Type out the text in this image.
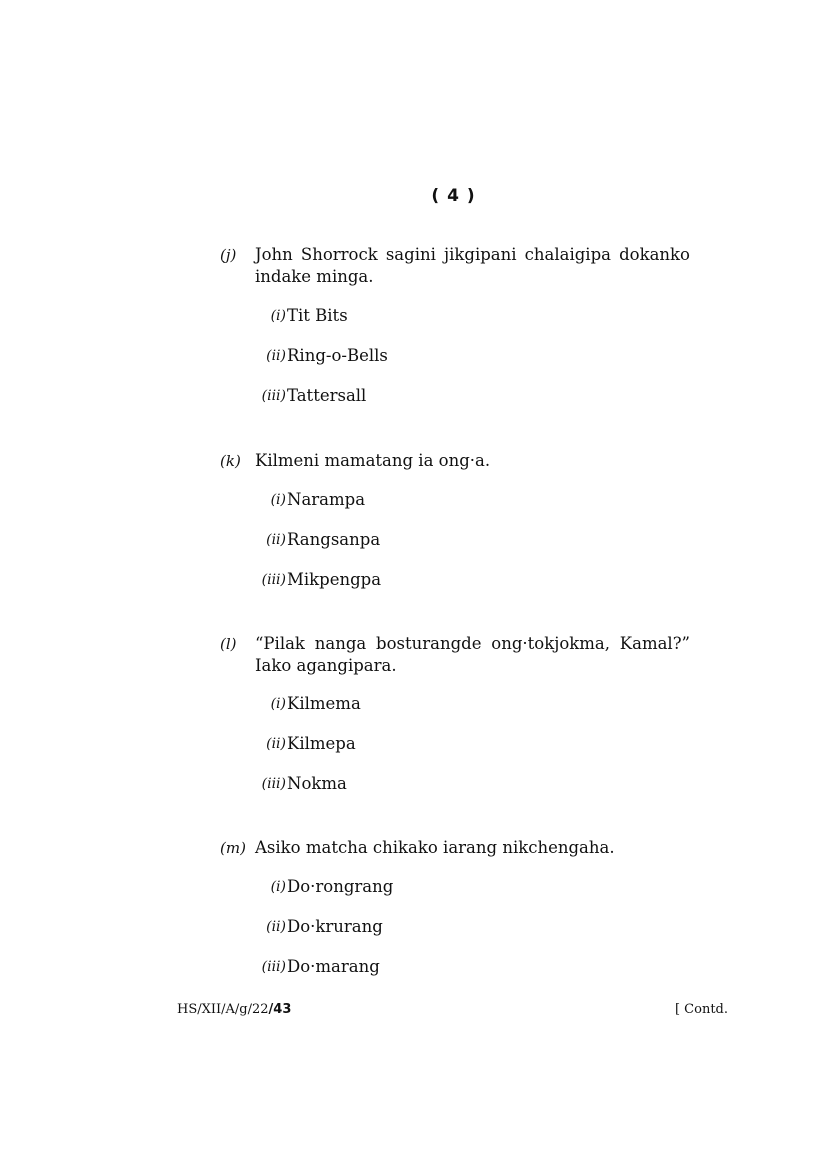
( 4 )
(j) John Shorrock sagini jikgipani chalaigipa dokanko indake minga.
(i) Tit Bits
(ii) Ring-o-Bells
(iii) Tattersall
(k) Kilmeni mamatang ia ong·a.
(i) Narampa
(ii) Rangsanpa
(iii) Mikpengpa
(l) “Pilak nanga bosturangde ong·tokjokma, Kamal?” Iako agangipara.
(i) Kilmema
(ii) Kilmepa
(iii) Nokma
(m) Asiko matcha chikako iarang nikchengaha.
(i) Do·rongrang
(ii) Do·krurang
(iii) Do·marang
HS/XII/A/g/22/43	[ Contd.
